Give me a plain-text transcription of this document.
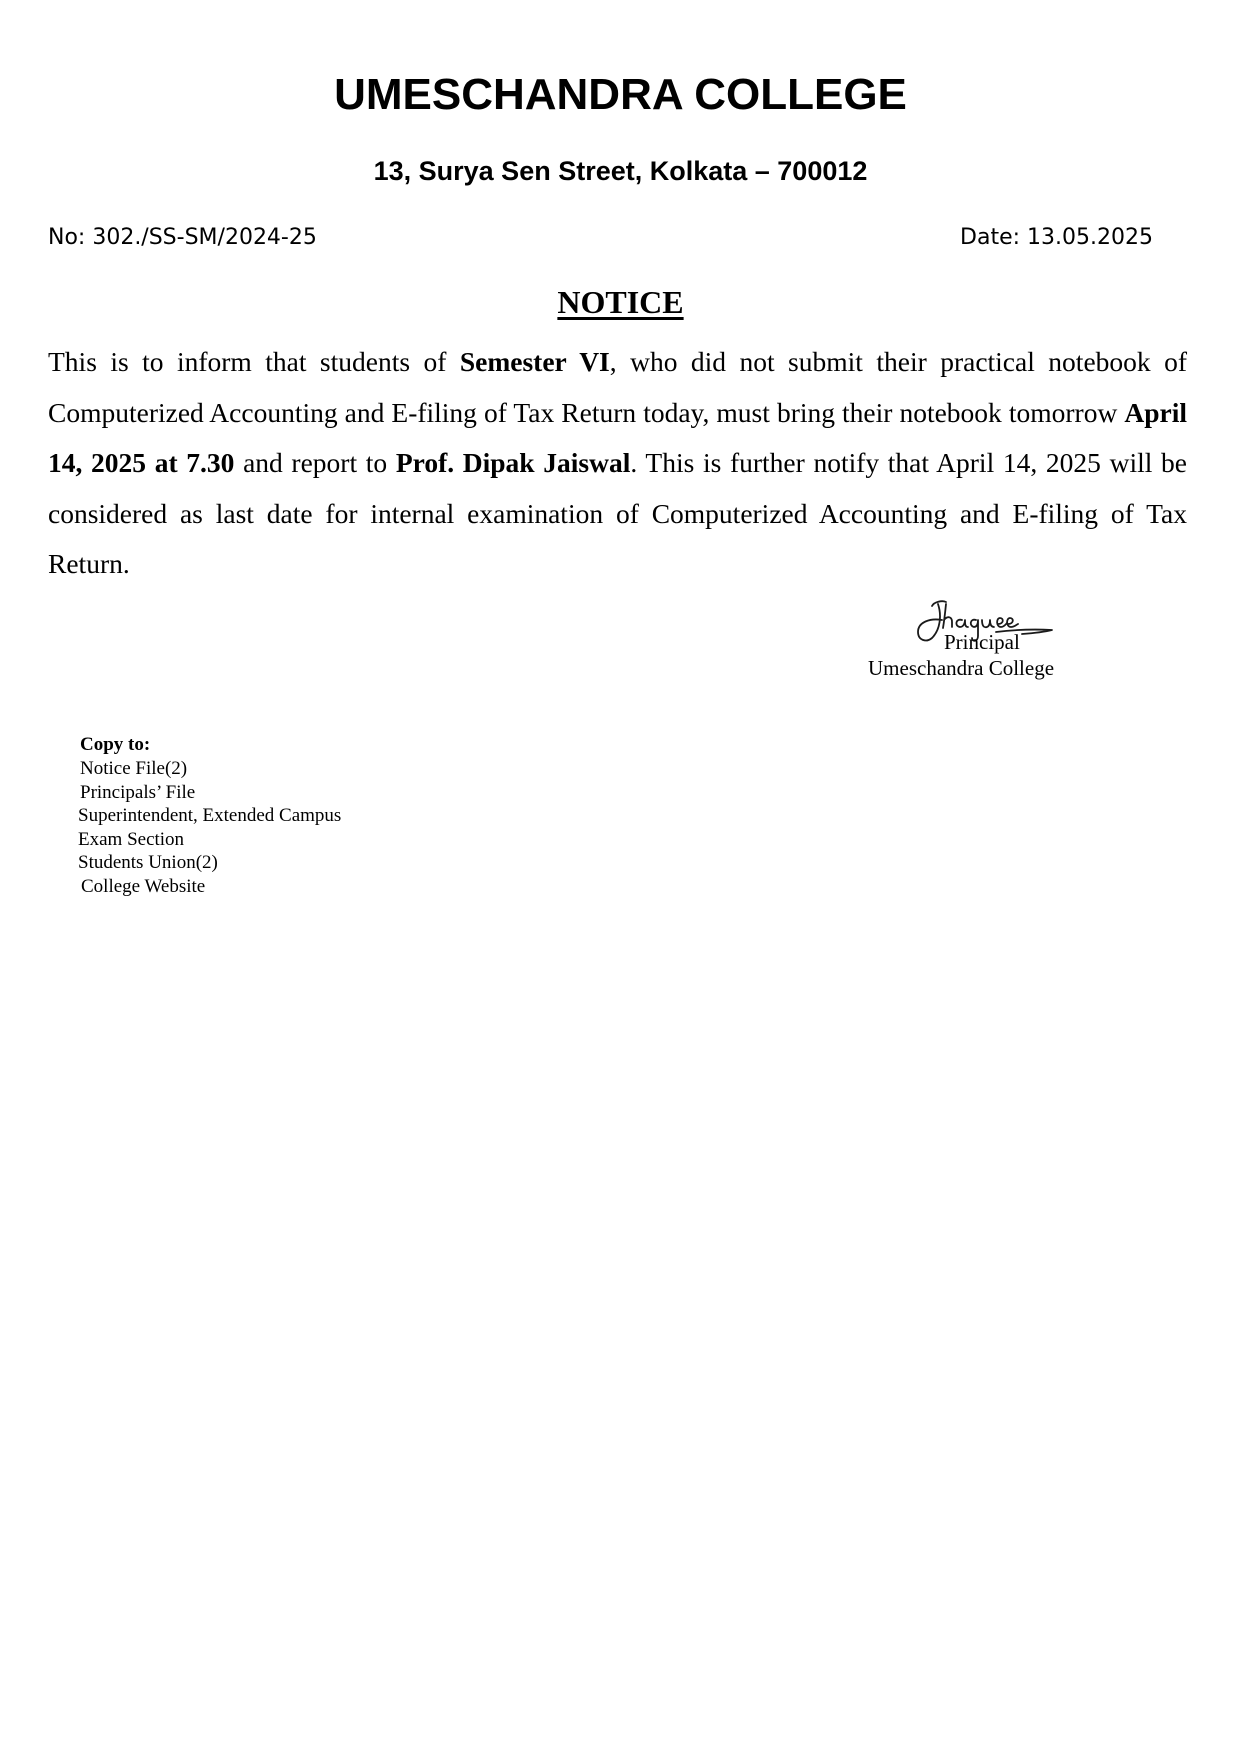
UMESCHANDRA COLLEGE
13, Surya Sen Street, Kolkata – 700012
No: 302./SS-SM/2024-25	Date: 13.05.2025
NOTICE

This is to inform that students of Semester VI, who did not submit their practical notebook of Computerized Accounting and E-filing of Tax Return today, must bring their notebook tomorrow April 14, 2025 at 7.30 and report to Prof. Dipak Jaiswal. This is further notify that April 14, 2025 will be considered as last date for internal examination of Computerized Accounting and E-filing of Tax Return.

Principal
Umeschandra College
Copy to:
Notice File(2)
Principals’ File
Superintendent, Extended Campus
Exam Section
Students Union(2)
College Website
